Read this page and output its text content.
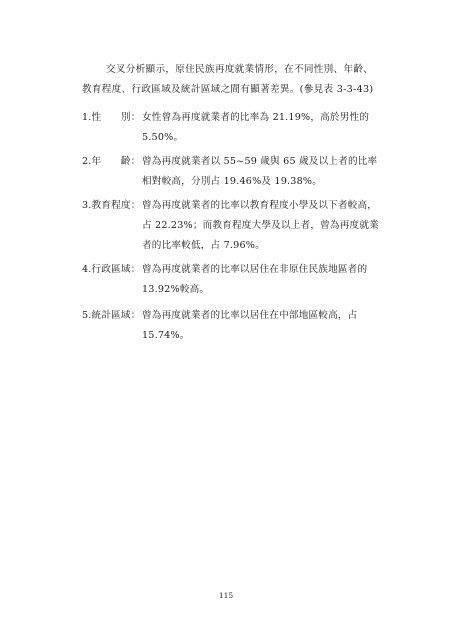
交叉分析顯示，原住民族再度就業情形，在不同性別、年齡、
教育程度、行政區域及統計區域之間有顯著差異。(參見表 3-3-43)
1.性　　別： 女性曾為再度就業者的比率為 21.19%，高於男性的
5.50%。
2.年　　齡： 曾為再度就業者以 55~59 歲與 65 歲及以上者的比率
相對較高，分別占 19.46%及 19.38%。
3.教育程度： 曾為再度就業者的比率以教育程度小學及以下者較高，
占 22.23%；而教育程度大學及以上者，曾為再度就業
者的比率較低，占 7.96%。
4.行政區域： 曾為再度就業者的比率以居住在非原住民族地區者的
13.92%較高。
5.統計區域： 曾為再度就業者的比率以居住在中部地區較高，占
15.74%。
115
